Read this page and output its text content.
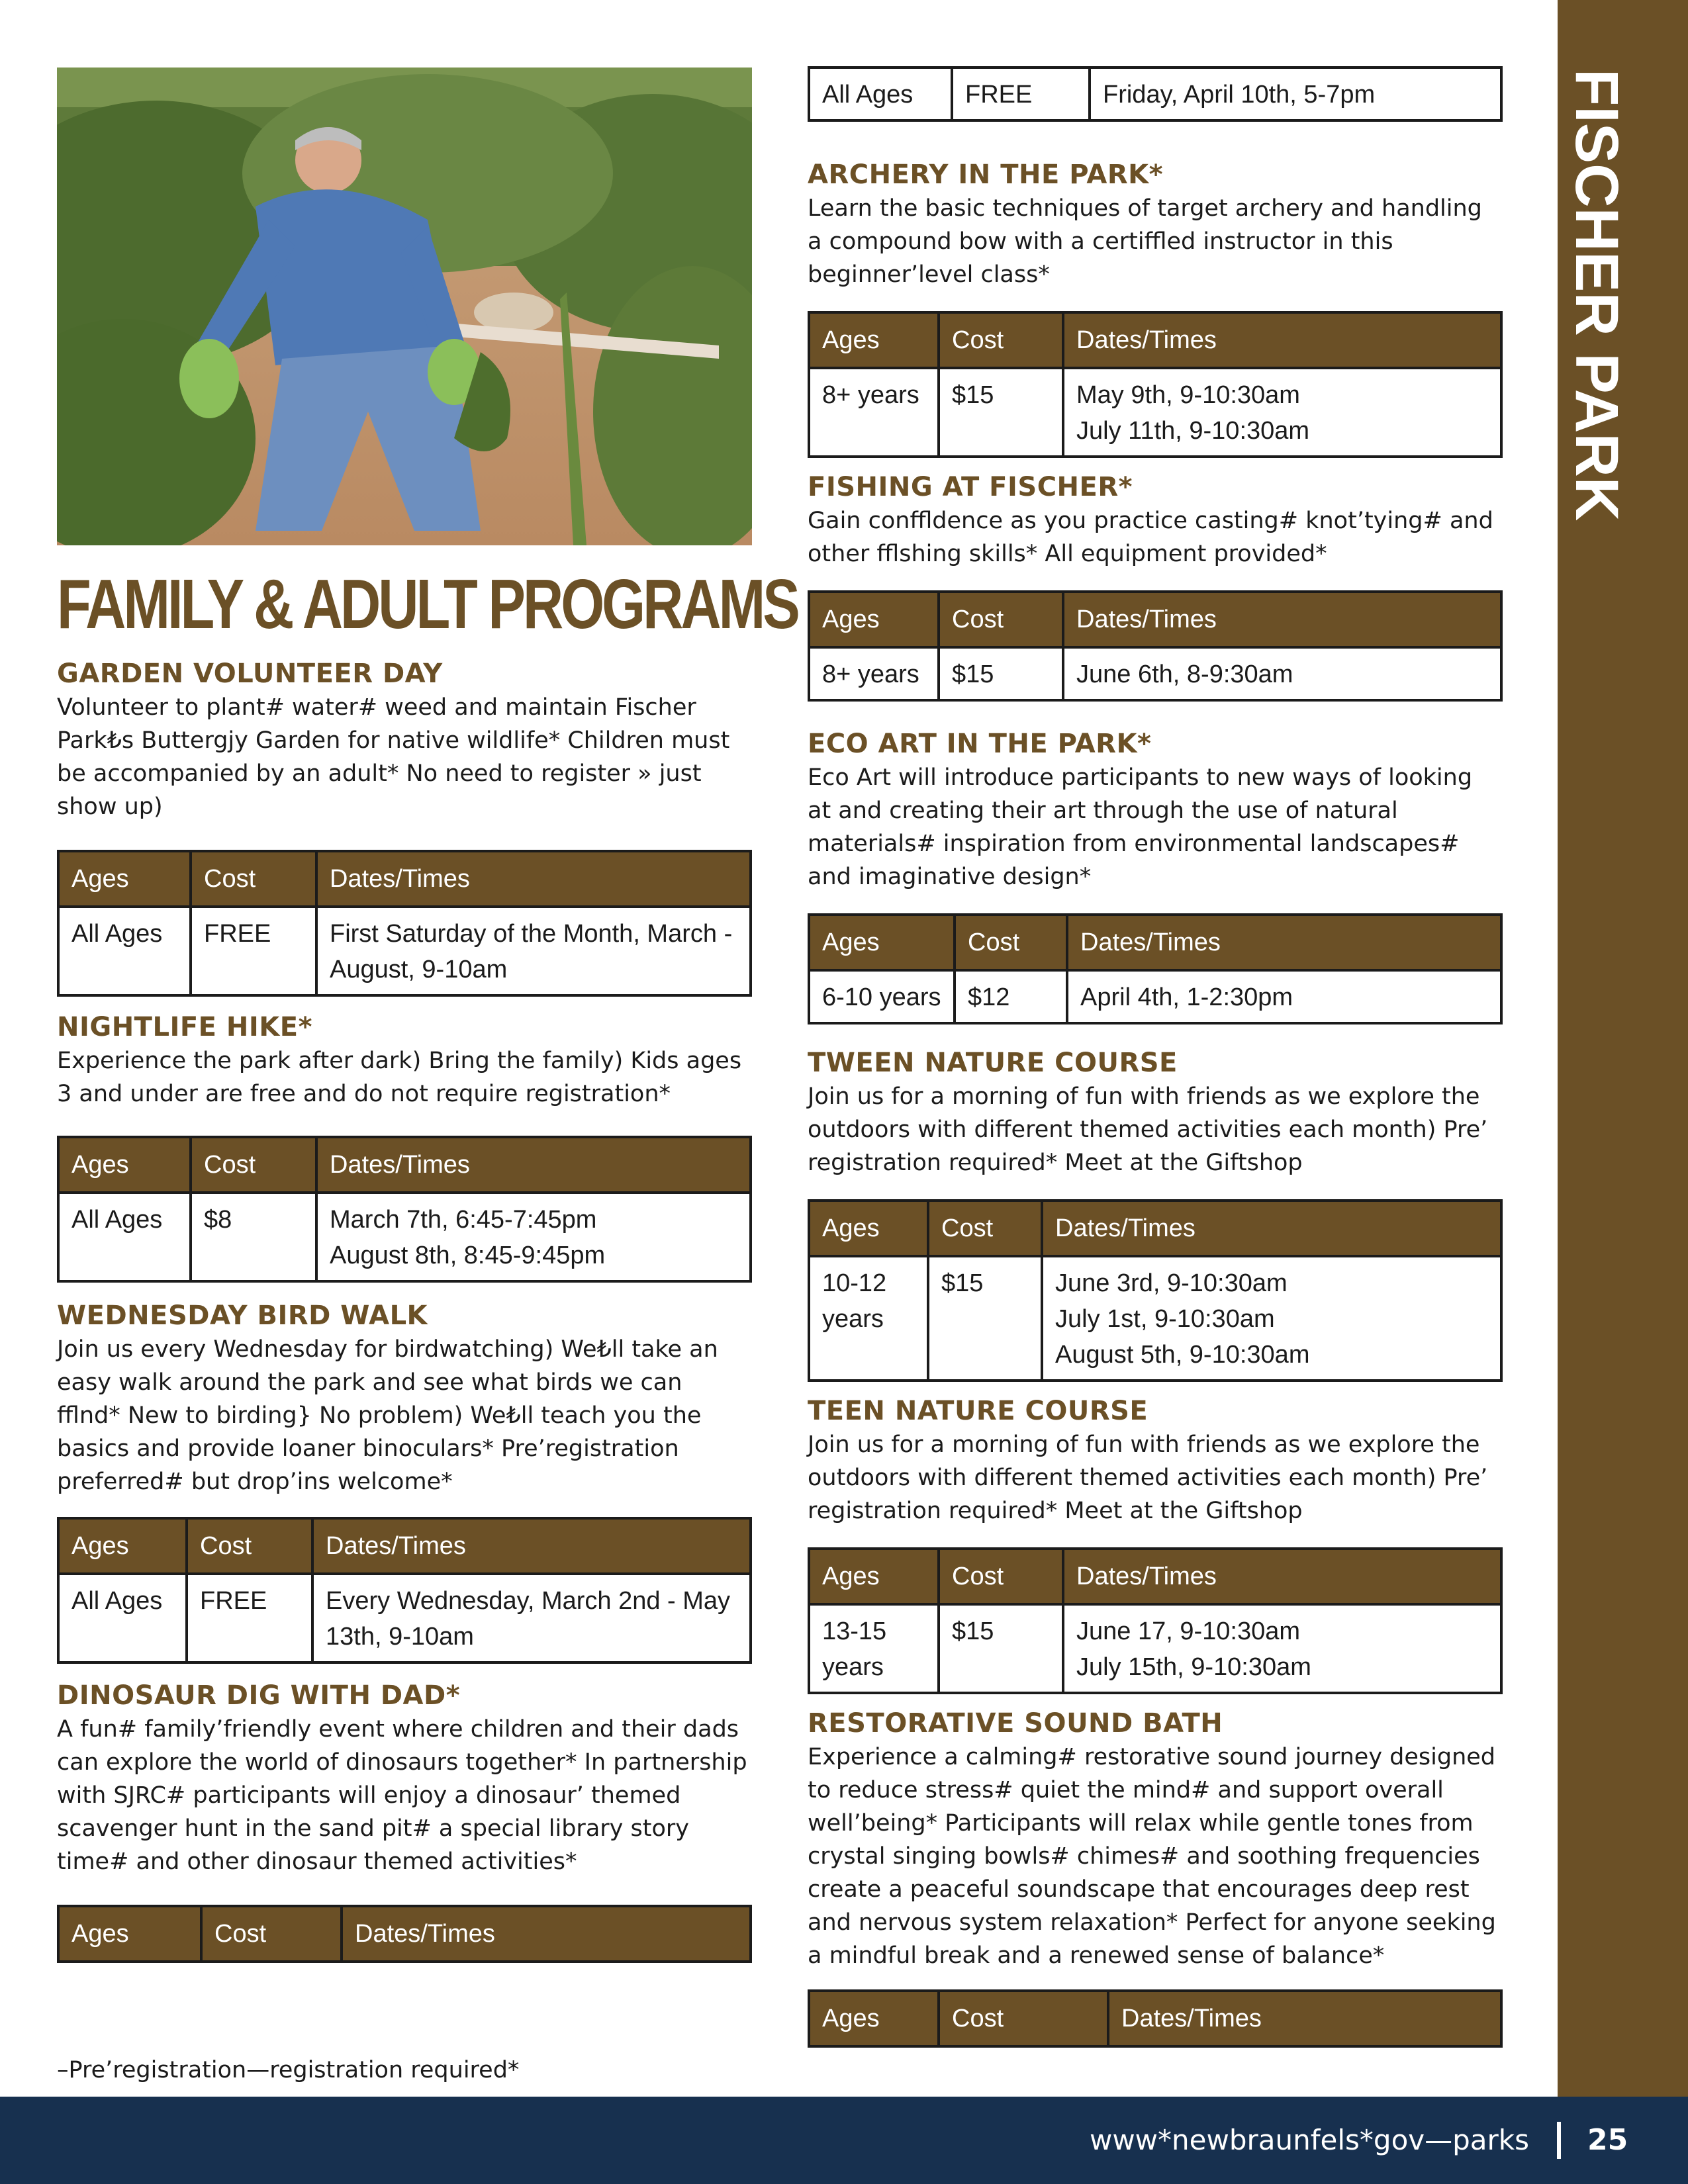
FAMILY & ADULT PROGRAMS
GARDEN VOLUNTEER DAY

Volunteer to plant# water# weed and maintain Fischer Park₺s Buttergjy Garden for native wildlife* Children must be accompanied by an adult* No need to register » just show up)

Ages	Cost	Dates/Times
All Ages	FREE	First Saturday of the Month, March - August, 9-10am
NIGHTLIFE HIKE*

Experience the park after dark) Bring the family) Kids ages 3 and under are free and do not require registration*

Ages	Cost	Dates/Times
All Ages	$8	March 7th, 6:45-7:45pm
August 8th, 8:45-9:45pm
WEDNESDAY BIRD WALK

Join us every Wednesday for birdwatching) We₺ll take an easy walk around the park and see what birds we can fflnd* New to birding} No problem) We₺ll teach you the basics and provide loaner binoculars* Pre’registration preferred# but drop’ins welcome*

Ages	Cost	Dates/Times
All Ages	FREE	Every Wednesday, March 2nd - May 13th, 9-10am
DINOSAUR DIG WITH DAD*

A fun# family’friendly event where children and their dads can explore the world of dinosaurs together* In partnership with SJRC# participants will enjoy a dinosaur’ themed scavenger hunt in the sand pit# a special library story time# and other dinosaur themed activities*

Ages	Cost	Dates/Times
–Pre’registration—registration required*
All Ages	FREE	Friday, April 10th, 5-7pm
ARCHERY IN THE PARK*

Learn the basic techniques of target archery and handling a compound bow with a certiffled instructor in this beginner’level class*

Ages	Cost	Dates/Times
8+ years	$15	May 9th, 9-10:30am
July 11th, 9-10:30am
FISHING AT FISCHER*

Gain conffldence as you practice casting# knot’tying# and other fflshing skills* All equipment provided*

Ages	Cost	Dates/Times
8+ years	$15	June 6th, 8-9:30am
ECO ART IN THE PARK*

Eco Art will introduce participants to new ways of looking at and creating their art through the use of natural materials# inspiration from environmental landscapes# and imaginative design*

Ages	Cost	Dates/Times
6-10 years	$12	April 4th, 1-2:30pm
TWEEN NATURE COURSE

Join us for a morning of fun with friends as we explore the outdoors with different themed activities each month) Pre’ registration required* Meet at the Giftshop

Ages	Cost	Dates/Times
10-12 years	$15	June 3rd, 9-10:30am
July 1st, 9-10:30am
August 5th, 9-10:30am
TEEN NATURE COURSE

Join us for a morning of fun with friends as we explore the outdoors with different themed activities each month) Pre’ registration required* Meet at the Giftshop

Ages	Cost	Dates/Times
13-15 years	$15	June 17, 9-10:30am
July 15th, 9-10:30am
RESTORATIVE SOUND BATH

Experience a calming# restorative sound journey designed to reduce stress# quiet the mind# and support overall well’being* Participants will relax while gentle tones from crystal singing bowls# chimes# and soothing frequencies create a peaceful soundscape that encourages deep rest and nervous system relaxation* Perfect for anyone seeking a mindful break and a renewed sense of balance*

Ages	Cost	Dates/Times
FISCHER PARK
www*newbraunfels*gov—parks 25
